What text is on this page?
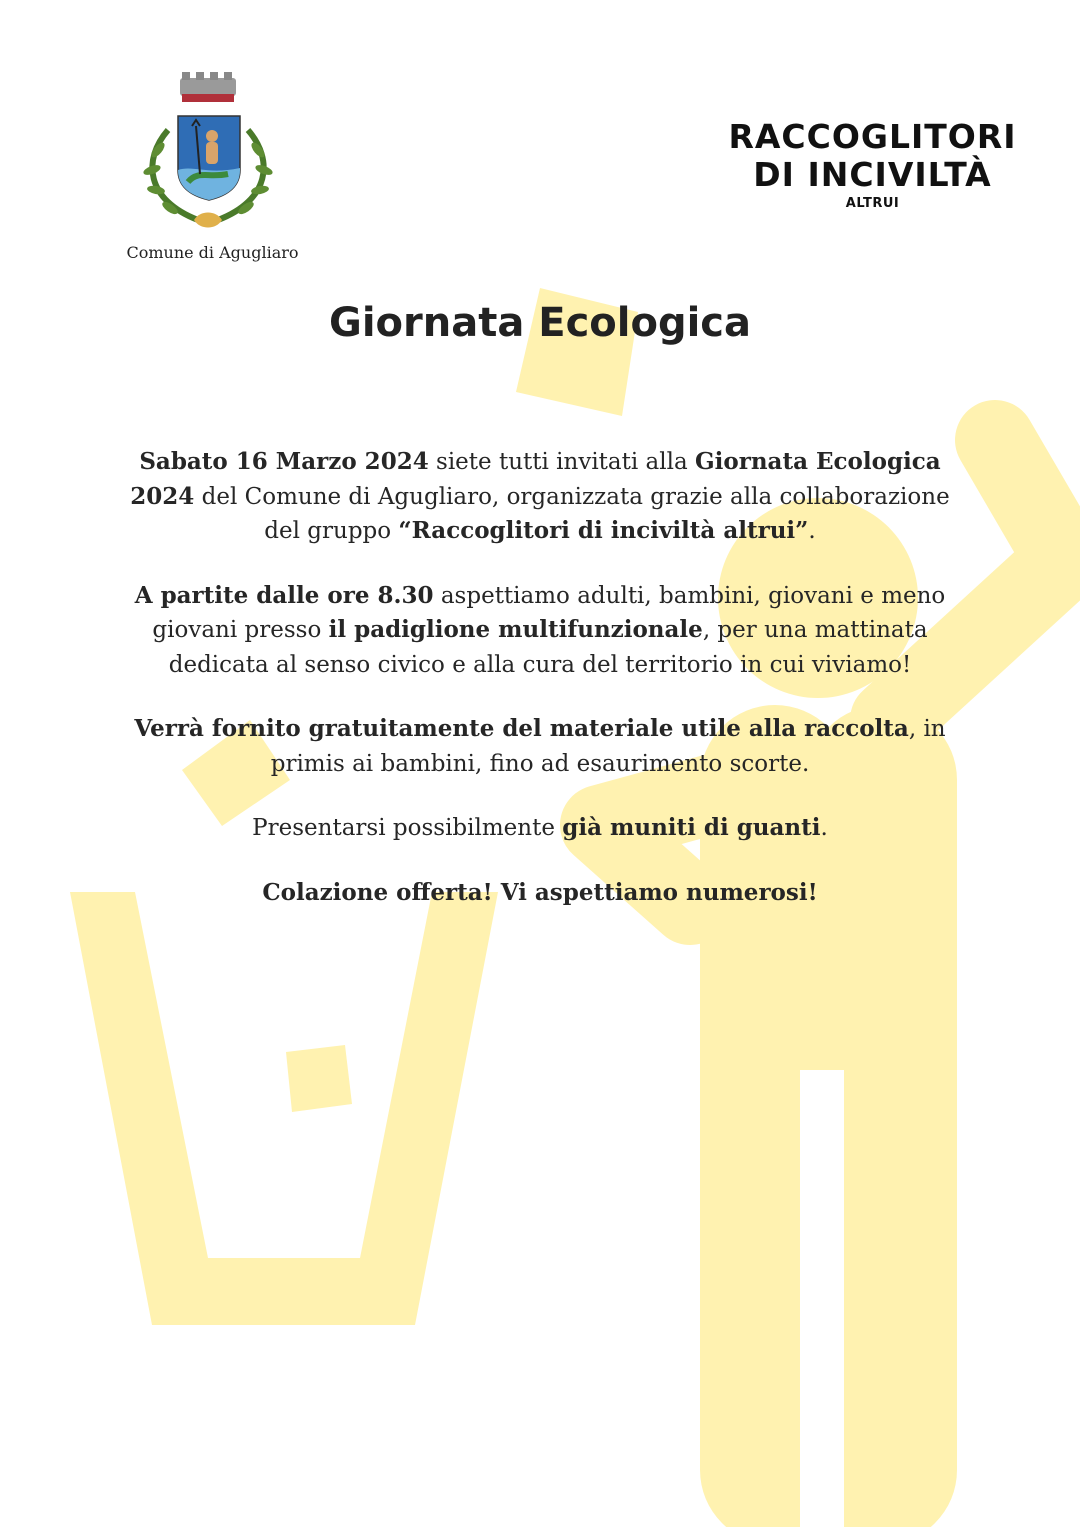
Comune di Agugliaro
RACCOGLITORI
DI INCIVILTÀ
ALTRUI
Giornata Ecologica

Sabato 16 Marzo 2024 siete tutti invitati alla Giornata Ecologica 2024 del Comune di Agugliaro, organizzata grazie alla collaborazione del gruppo “Raccoglitori di inciviltà altrui”.

A partite dalle ore 8.30 aspettiamo adulti, bambini, giovani e meno giovani presso il padiglione multifunzionale, per una mattinata dedicata al senso civico e alla cura del territorio in cui viviamo!

Verrà fornito gratuitamente del materiale utile alla raccolta, in primis ai bambini, fino ad esaurimento scorte.

Presentarsi possibilmente già muniti di guanti.

Colazione offerta! Vi aspettiamo numerosi!
